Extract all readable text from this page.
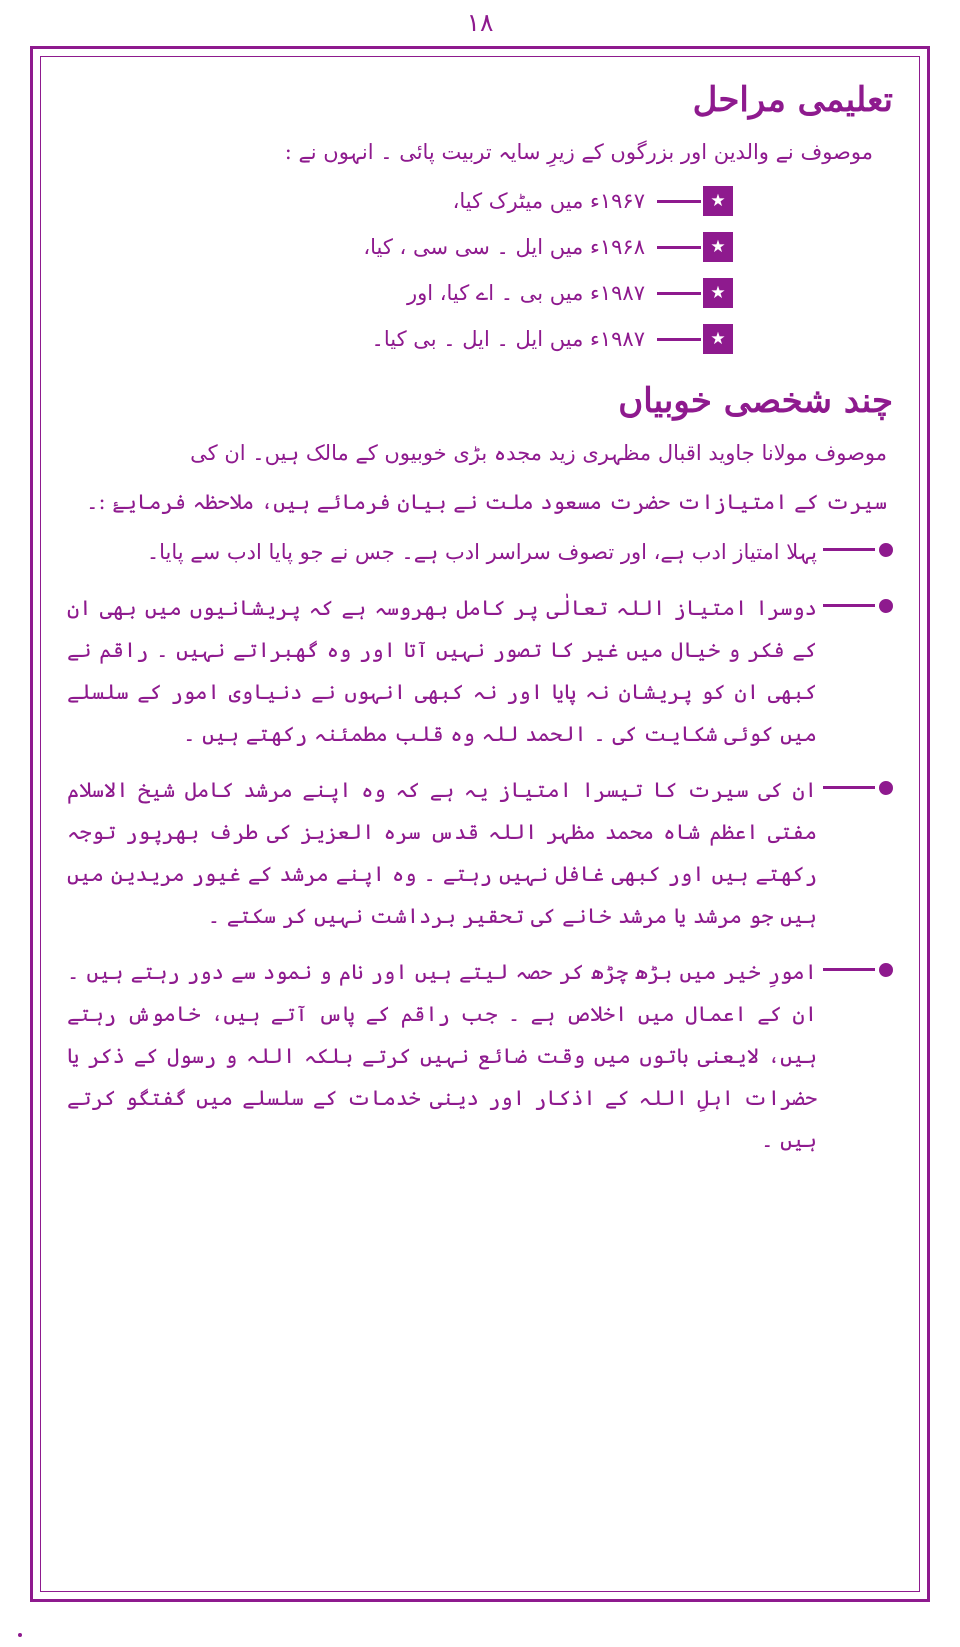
۱۸
تعلیمی مراحل

موصوف نے والدین اور بزرگوں کے زیرِ سایہ تربیت پائی ۔ انہوں نے :

★
۱۹۶۷ء میں میٹرک کیا،
★
۱۹۶۸ء میں ایل ۔ سی سی ، کیا،
★
۱۹۸۷ء میں بی ۔ اے کیا، اور
★
۱۹۸۷ء میں ایل ۔ ایل ۔ بی کیا۔
چند شخصی خوبیاں

موصوف مولانا جاوید اقبال مظہری زید مجدہ بڑی خوبیوں کے مالک ہیں۔ ان کی

سیرت کے امتیازات حضرت مسعود ملت نے بیان فرمائے ہیں، ملاحظہ فرمایۓ :۔

پہلا امتیاز ادب ہے، اور تصوف سراسر ادب ہے۔ جس نے جو پایا ادب سے پایا۔
دوسرا امتیاز اللہ تعالٰی پر کامل بھروسہ ہے کہ پریشانیوں میں بھی ان کے فکر و خیال میں غیر کا تصور نہیں آتا اور وہ گھبراتے نہیں ۔ راقم نے کبھی ان کو پریشان نہ پایا اور نہ کبھی انہوں نے دنیاوی امور کے سلسلے میں کوئی شکایت کی ۔ الحمد للہ وہ قلب مطمئنہ رکھتے ہیں ۔
ان کی سیرت کا تیسرا امتیاز یہ ہے کہ وہ اپنے مرشد کامل شیخ الاسلام مفتی اعظم شاہ محمد مظہر اللہ قدس سرہ العزیز کی طرف بھرپور توجہ رکھتے ہیں اور کبھی غافل نہیں رہتے ۔ وہ اپنے مرشد کے غیور مریدین میں ہیں جو مرشد یا مرشد خانے کی تحقیر برداشت نہیں کر سکتے ۔
امورِ خیر میں بڑھ چڑھ کر حصہ لیتے ہیں اور نام و نمود سے دور رہتے ہیں ۔ ان کے اعمال میں اخلاص ہے ۔ جب راقم کے پاس آتے ہیں، خاموش رہتے ہیں، لایعنی باتوں میں وقت ضائع نہیں کرتے بلکہ اللہ و رسول کے ذکر یا حضرات اہلِ اللہ کے اذکار اور دینی خدمات کے سلسلے میں گفتگو کرتے ہیں ۔
